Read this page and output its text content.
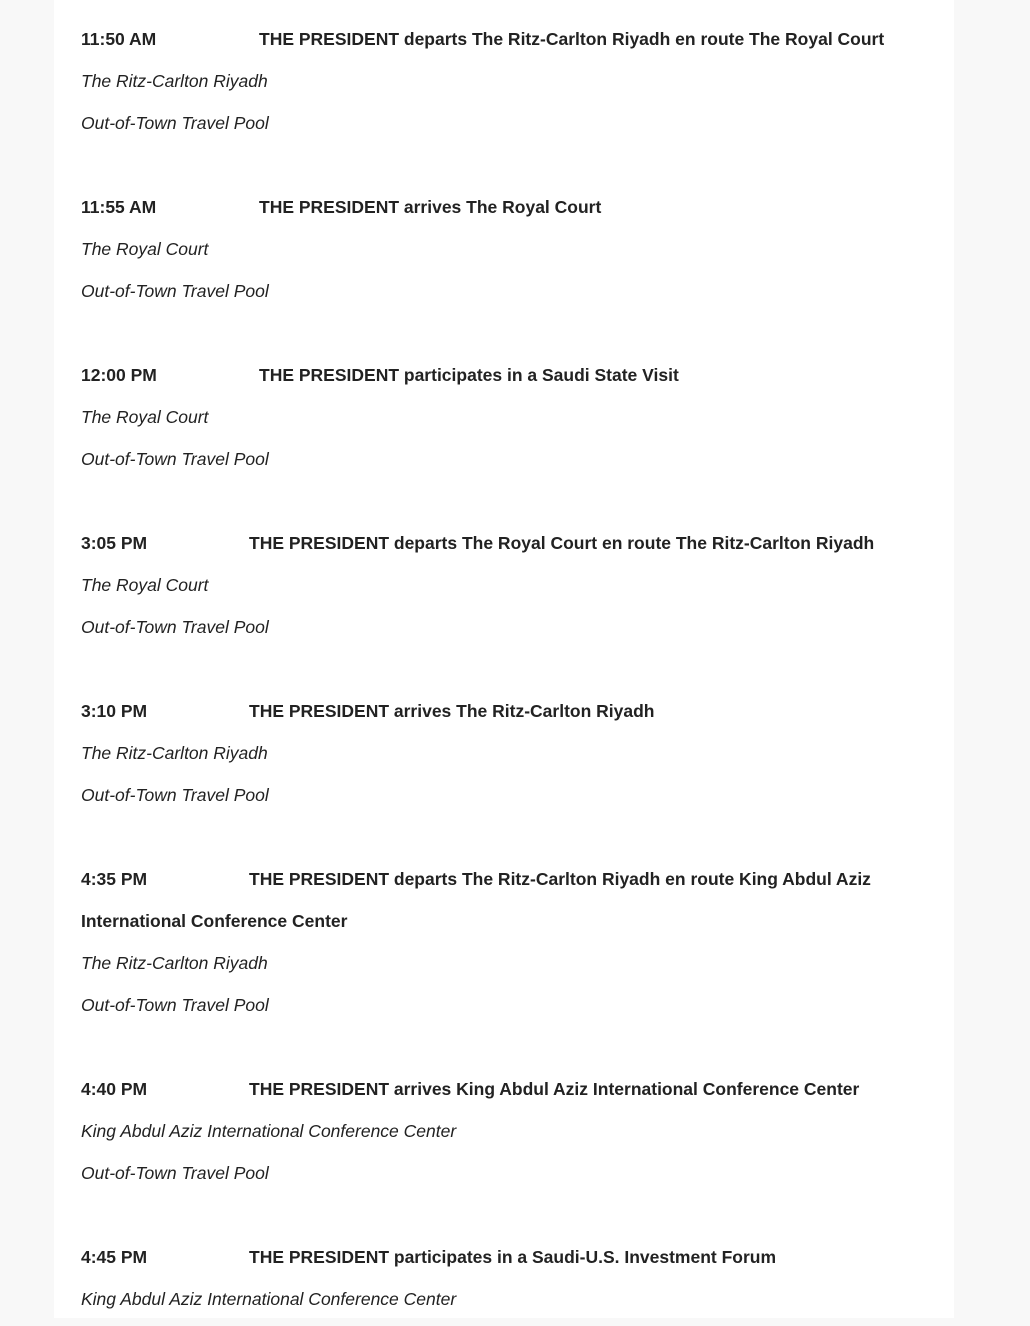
11:50 AM	THE PRESIDENT departs The Ritz-Carlton Riyadh en route The Royal Court
The Ritz-Carlton Riyadh
Out-of-Town Travel Pool
11:55 AM	THE PRESIDENT arrives The Royal Court
The Royal Court
Out-of-Town Travel Pool
12:00 PM	THE PRESIDENT participates in a Saudi State Visit
The Royal Court
Out-of-Town Travel Pool
3:05 PM	THE PRESIDENT departs The Royal Court en route The Ritz-Carlton Riyadh
The Royal Court
Out-of-Town Travel Pool
3:10 PM	THE PRESIDENT arrives The Ritz-Carlton Riyadh
The Ritz-Carlton Riyadh
Out-of-Town Travel Pool
4:35 PM	THE PRESIDENT departs The Ritz-Carlton Riyadh en route King Abdul Aziz
International Conference Center
The Ritz-Carlton Riyadh
Out-of-Town Travel Pool
4:40 PM	THE PRESIDENT arrives King Abdul Aziz International Conference Center
King Abdul Aziz International Conference Center
Out-of-Town Travel Pool
4:45 PM	THE PRESIDENT participates in a Saudi-U.S. Investment Forum
King Abdul Aziz International Conference Center
